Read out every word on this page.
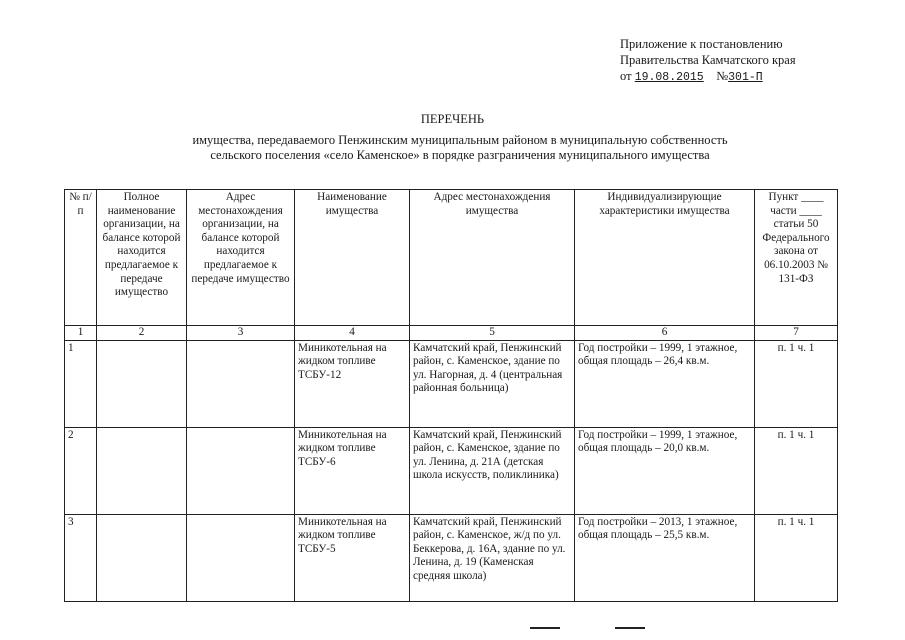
Приложение к постановлению
Правительства Камчатского края
от 19.08.2015 №301-П
ПЕРЕЧЕНЬ
имущества, передаваемого Пенжинским муниципальным районом в муниципальную собственность
сельского поселения «село Каменское» в порядке разграничения муниципального имущества
№ п/п	Полное наименование организации, на балансе которой находится предлагаемое к передаче имущество	Адрес местонахождения организации, на балансе которой находится предлагаемое к передаче имущество	Наименование имущества	Адрес местонахождения имущества	Индивидуализирующие характеристики имущества	Пункт ____ части ____ статьи 50 Федерального закона от 06.10.2003 № 131-ФЗ
1	2	3	4	5	6	7
1			Миникотельная на жидком топливе ТСБУ-12	Камчатский край, Пенжинский район, с. Каменское, здание по ул. Нагорная, д. 4 (центральная районная больница)	Год постройки – 1999, 1 этажное, общая площадь – 26,4 кв.м.	п. 1 ч. 1
2			Миникотельная на жидком топливе ТСБУ-6	Камчатский край, Пенжинский район, с. Каменское, здание по ул. Ленина, д. 21А (детская школа искусств, поликлиника)	Год постройки – 1999, 1 этажное, общая площадь – 20,0 кв.м.	п. 1 ч. 1
3			Миникотельная на жидком топливе ТСБУ-5	Камчатский край, Пенжинский район, с. Каменское, ж/д по ул. Беккерова, д. 16А, здание по ул. Ленина, д. 19 (Каменская средняя школа)	Год постройки – 2013, 1 этажное, общая площадь – 25,5 кв.м.	п. 1 ч. 1
